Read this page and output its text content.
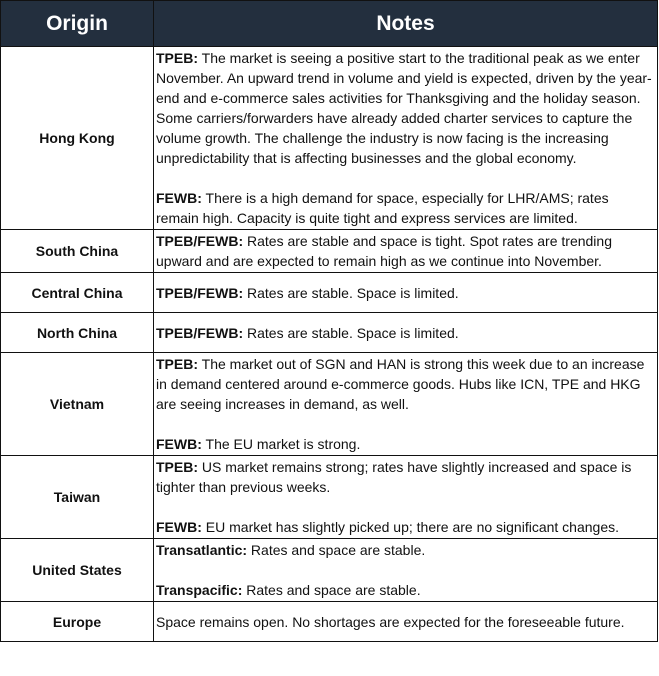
Origin	Notes
Hong Kong	TPEB: The market is seeing a positive start to the traditional peak as we enter November. An upward trend in volume and yield is expected, driven by the year-end and e-commerce sales activities for Thanksgiving and the holiday season. Some carriers/forwarders have already added charter services to capture the volume growth. The challenge the industry is now facing is the increasing unpredictability that is affecting businesses and the global economy.

FEWB: There is a high demand for space, especially for LHR/AMS; rates remain high. Capacity is quite tight and express services are limited.

South China	TPEB/FEWB: Rates are stable and space is tight. Spot rates are trending upward and are expected to remain high as we continue into November.

Central China	TPEB/FEWB: Rates are stable. Space is limited.

North China	TPEB/FEWB: Rates are stable. Space is limited.

Vietnam	TPEB: The market out of SGN and HAN is strong this week due to an increase in demand centered around e-commerce goods. Hubs like ICN, TPE and HKG are seeing increases in demand, as well.

FEWB: The EU market is strong.

Taiwan	TPEB: US market remains strong; rates have slightly increased and space is tighter than previous weeks.

FEWB: EU market has slightly picked up; there are no significant changes.

United States	Transatlantic: Rates and space are stable.

Transpacific: Rates and space are stable.

Europe	Space remains open. No shortages are expected for the foreseeable future.
